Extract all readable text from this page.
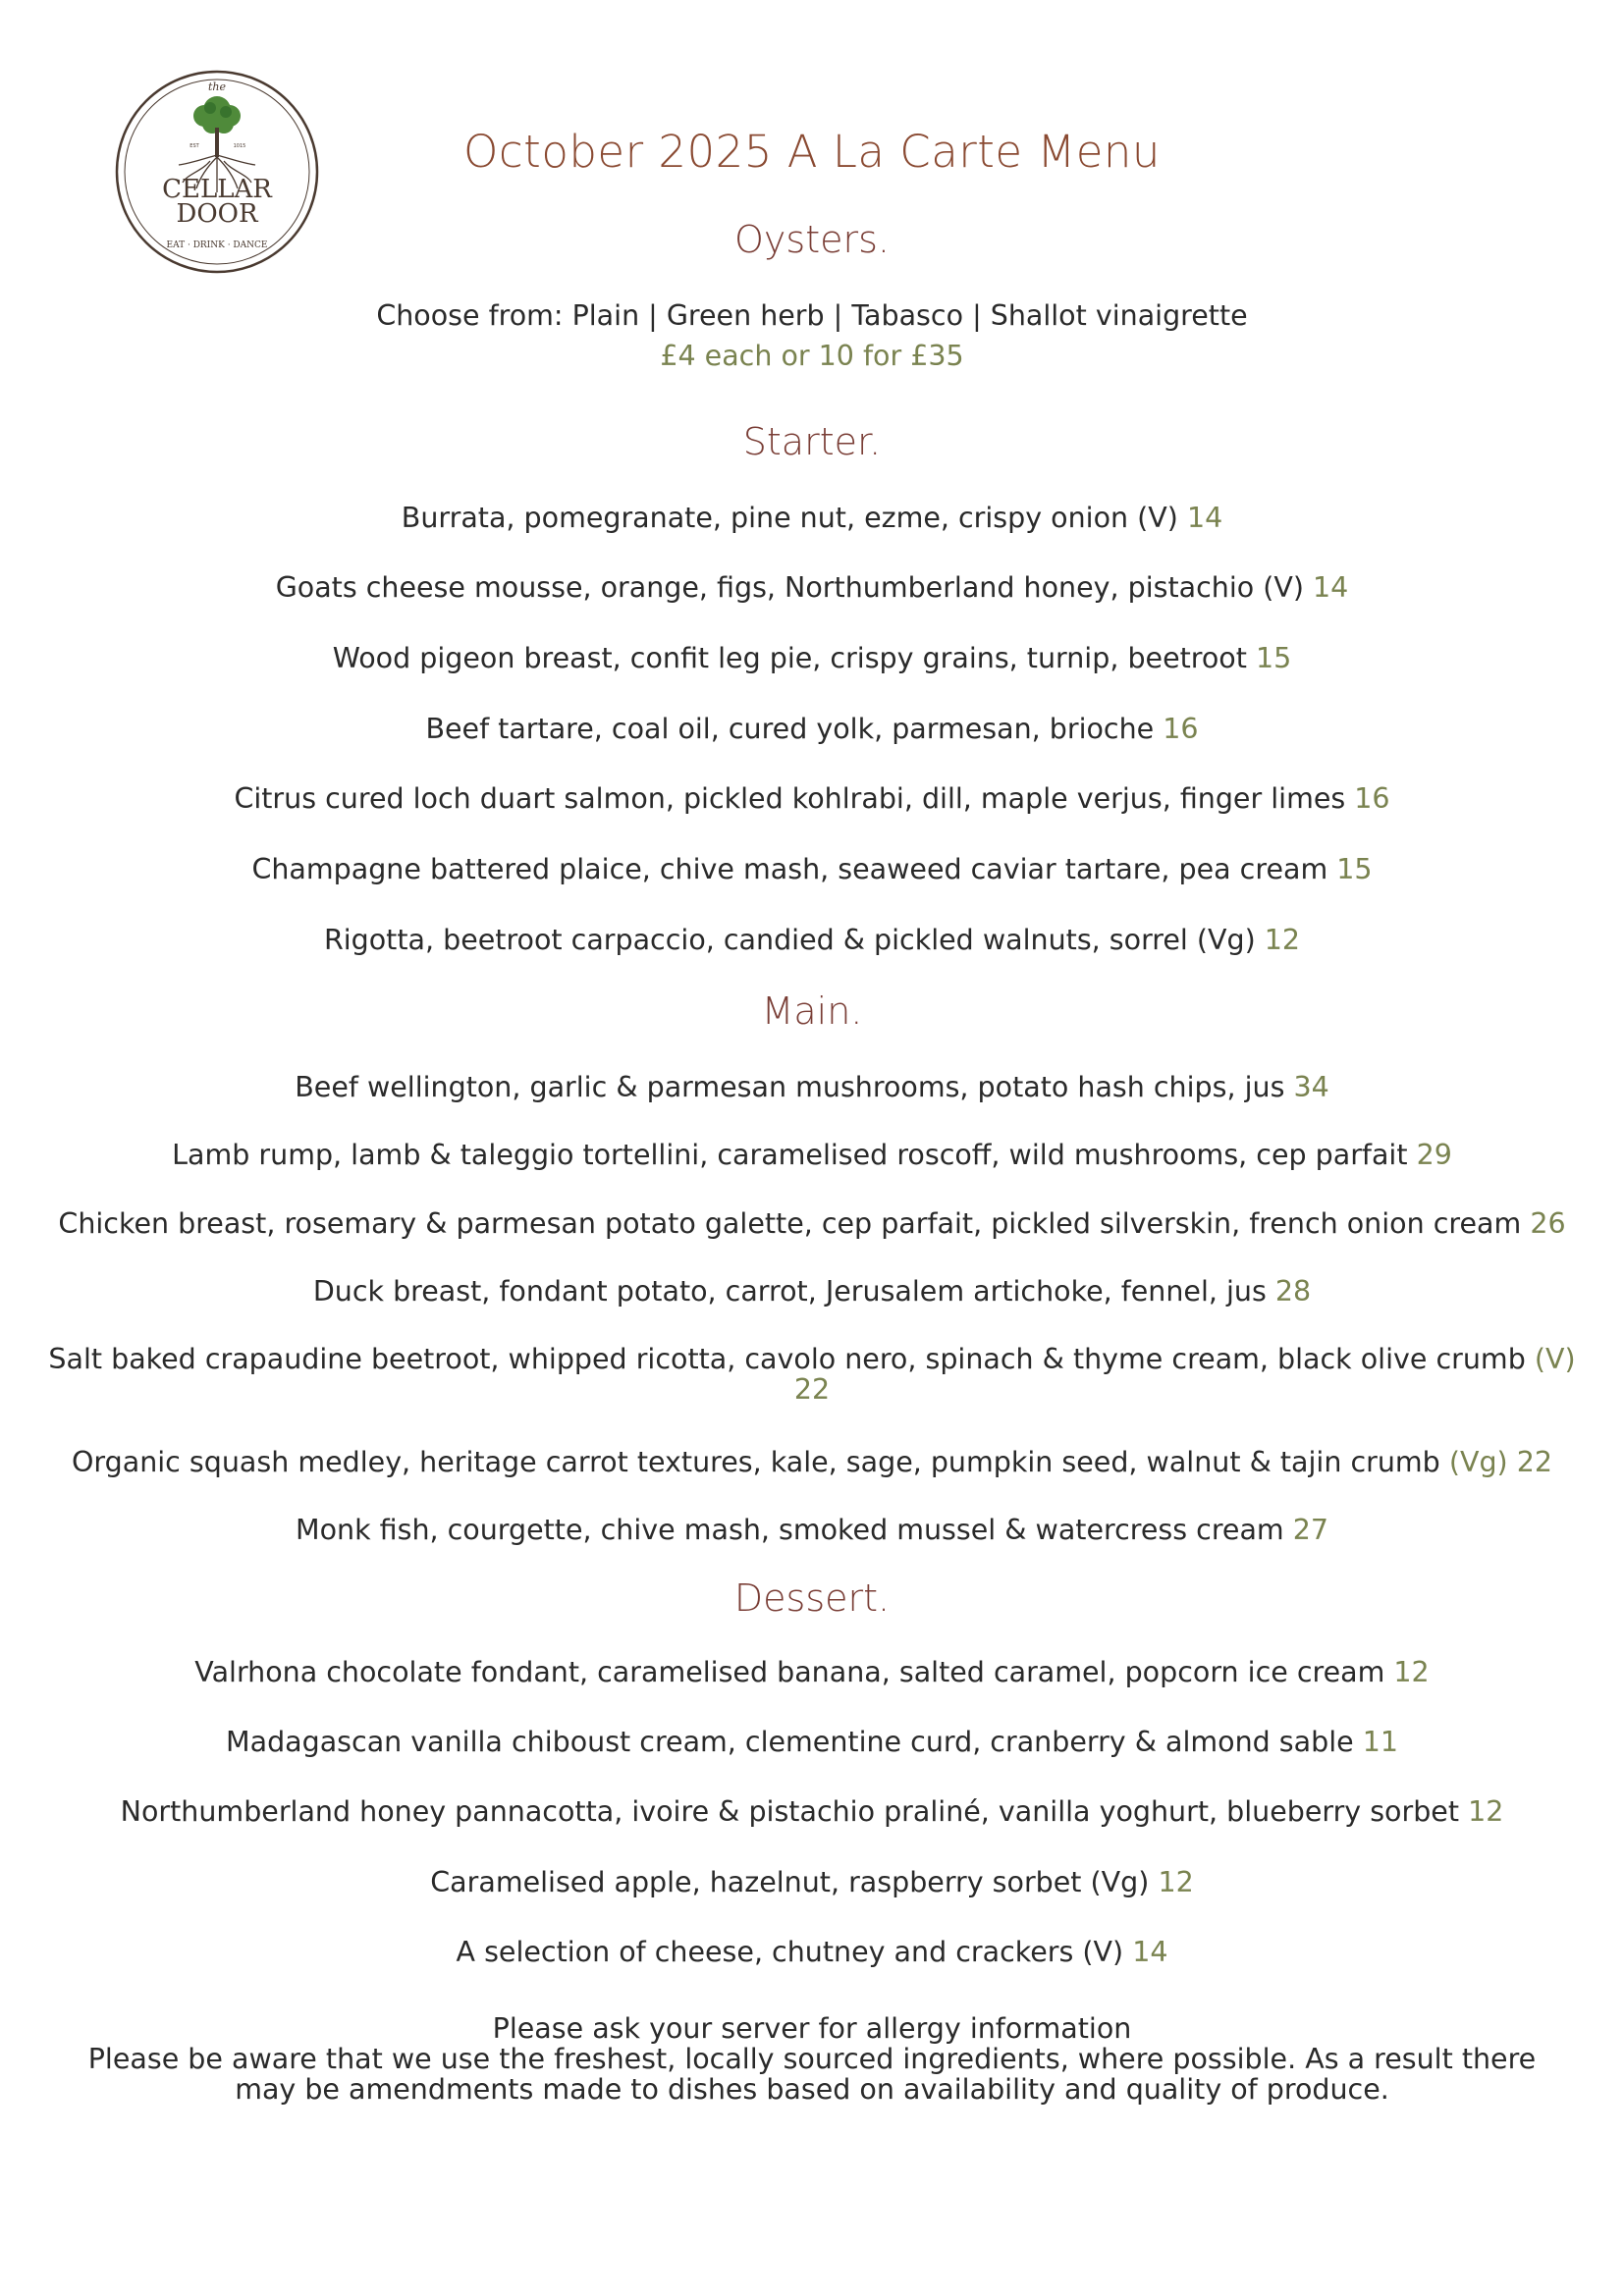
the
EST	1015
CELLAR
DOOR
EAT · DRINK · DANCE
October 2025 A La Carte Menu
Oysters.
Choose from: Plain | Green herb | Tabasco | Shallot vinaigrette
£4 each or 10 for £35
Starter.
Burrata, pomegranate, pine nut, ezme, crispy onion (V) 14
Goats cheese mousse, orange, figs, Northumberland honey, pistachio (V) 14
Wood pigeon breast, confit leg pie, crispy grains, turnip, beetroot 15
Beef tartare, coal oil, cured yolk, parmesan, brioche 16
Citrus cured loch duart salmon, pickled kohlrabi, dill, maple verjus, finger limes 16
Champagne battered plaice, chive mash, seaweed caviar tartare, pea cream 15
Rigotta, beetroot carpaccio, candied & pickled walnuts, sorrel (Vg) 12
Main.
Beef wellington, garlic & parmesan mushrooms, potato hash chips, jus 34
Lamb rump, lamb & taleggio tortellini, caramelised roscoff, wild mushrooms, cep parfait 29
Chicken breast, rosemary & parmesan potato galette, cep parfait, pickled silverskin, french onion cream 26
Duck breast, fondant potato, carrot, Jerusalem artichoke, fennel, jus 28
Salt baked crapaudine beetroot, whipped ricotta, cavolo nero, spinach & thyme cream, black olive crumb (V) 22
Organic squash medley, heritage carrot textures, kale, sage, pumpkin seed, walnut & tajin crumb (Vg) 22
Monk fish, courgette, chive mash, smoked mussel & watercress cream 27
Dessert.
Valrhona chocolate fondant, caramelised banana, salted caramel, popcorn ice cream 12
Madagascan vanilla chiboust cream, clementine curd, cranberry & almond sable 11
Northumberland honey pannacotta, ivoire & pistachio praliné, vanilla yoghurt, blueberry sorbet 12
Caramelised apple, hazelnut, raspberry sorbet (Vg) 12
A selection of cheese, chutney and crackers (V) 14
Please ask your server for allergy information
Please be aware that we use the freshest, locally sourced ingredients, where possible. As a result there
may be amendments made to dishes based on availability and quality of produce.
